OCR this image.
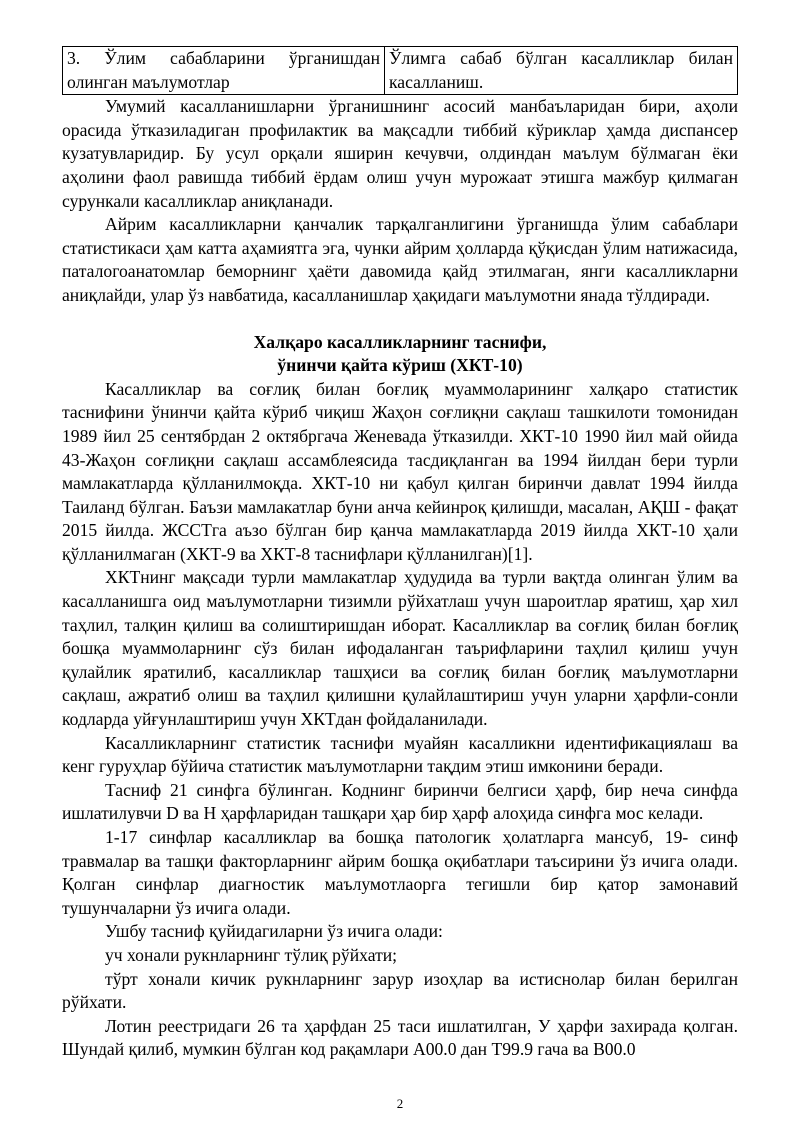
3. Ўлим сабабларини ўрганишдан олинган маълумотлар	Ўлимга сабаб бўлган касалликлар билан касалланиш.

Умумий касалланишларни ўрганишнинг асосий манбаъларидан бири, аҳоли орасида ўтказиладиган профилактик ва мақсадли тиббий кўриклар ҳамда диспансер кузатувларидир. Бу усул орқали яширин кечувчи, олдиндан маълум бўлмаган ёки аҳолини фаол равишда тиббий ёрдам олиш учун мурожаат этишга мажбур қилмаган сурункали касалликлар аниқланади.

Айрим касалликларни қанчалик тарқалганлигини ўрганишда ўлим сабаблари статистикаси ҳам катта аҳамиятга эга, чунки айрим ҳолларда қўқисдан ўлим натижасида, паталогоанатомлар беморнинг ҳаёти давомида қайд этилмаган, янги касалликларни аниқлайди, улар ўз навбатида, касалланишлар ҳақидаги маълумотни янада тўлдиради.

Халқаро касалликларнинг таснифи,
ўнинчи қайта кўриш (ХКТ-10)

Касалликлар ва соғлиқ билан боғлиқ муаммоларининг халқаро статистик таснифини ўнинчи қайта кўриб чиқиш Жаҳон соғлиқни сақлаш ташкилоти томонидан 1989 йил 25 сентябрдан 2 октябргача Женевада ўтказилди. ХКТ-10 1990 йил май ойида 43-Жаҳон соғлиқни сақлаш ассамблеясида тасдиқланган ва 1994 йилдан бери турли мамлакатларда қўлланилмоқда. ХКТ-10 ни қабул қилган биринчи давлат 1994 йилда Таиланд бўлган. Баъзи мамлакатлар буни анча кейинроқ қилишди, масалан, АҚШ - фақат 2015 йилда. ЖССТга аъзо бўлган бир қанча мамлакатларда 2019 йилда ХКТ-10 ҳали қўлланилмаган (ХКТ-9 ва ХКТ-8 таснифлари қўлланилган)[1].

ХКТнинг мақсади турли мамлакатлар ҳудудида ва турли вақтда олинган ўлим ва касалланишга оид маълумотларни тизимли рўйхатлаш учун шароитлар яратиш, ҳар хил таҳлил, талқин қилиш ва солиштиришдан иборат. Касалликлар ва соғлиқ билан боғлиқ бошқа муаммоларнинг сўз билан ифодаланган таърифларини таҳлил қилиш учун қулайлик яратилиб, касалликлар ташҳиси ва соғлиқ билан боғлиқ маълумотларни сақлаш, ажратиб олиш ва таҳлил қилишни қулайлаштириш учун уларни ҳарфли-сонли кодларда уйғунлаштириш учун ХКТдан фойдаланилади.

Касалликларнинг статистик таснифи муайян касалликни идентификациялаш ва кенг гуруҳлар бўйича статистик маълумотларни тақдим этиш имконини беради.

Тасниф 21 синфга бўлинган. Коднинг биринчи белгиси ҳарф, бир неча синфда ишлатилувчи D ва H ҳарфларидан ташқари ҳар бир ҳарф алоҳида синфга мос келади.

1-17 синфлар касалликлар ва бошқа патологик ҳолатларга мансуб, 19- синф травмалар ва ташқи факторларнинг айрим бошқа оқибатлари таъсирини ўз ичига олади. Қолган синфлар диагностик маълумотлаорга тегишли бир қатор замонавий тушунчаларни ўз ичига олади.

Ушбу тасниф қуйидагиларни ўз ичига олади:

уч хонали рукнларнинг тўлиқ рўйхати;

тўрт хонали кичик рукнларнинг зарур изоҳлар ва истиснолар билан берилган рўйхати.

Лотин реестридаги 26 та ҳарфдан 25 таси ишлатилган, У ҳарфи захирада қолган. Шундай қилиб, мумкин бўлган код рақамлари A00.0 дан T99.9 гача ва B00.0

2
